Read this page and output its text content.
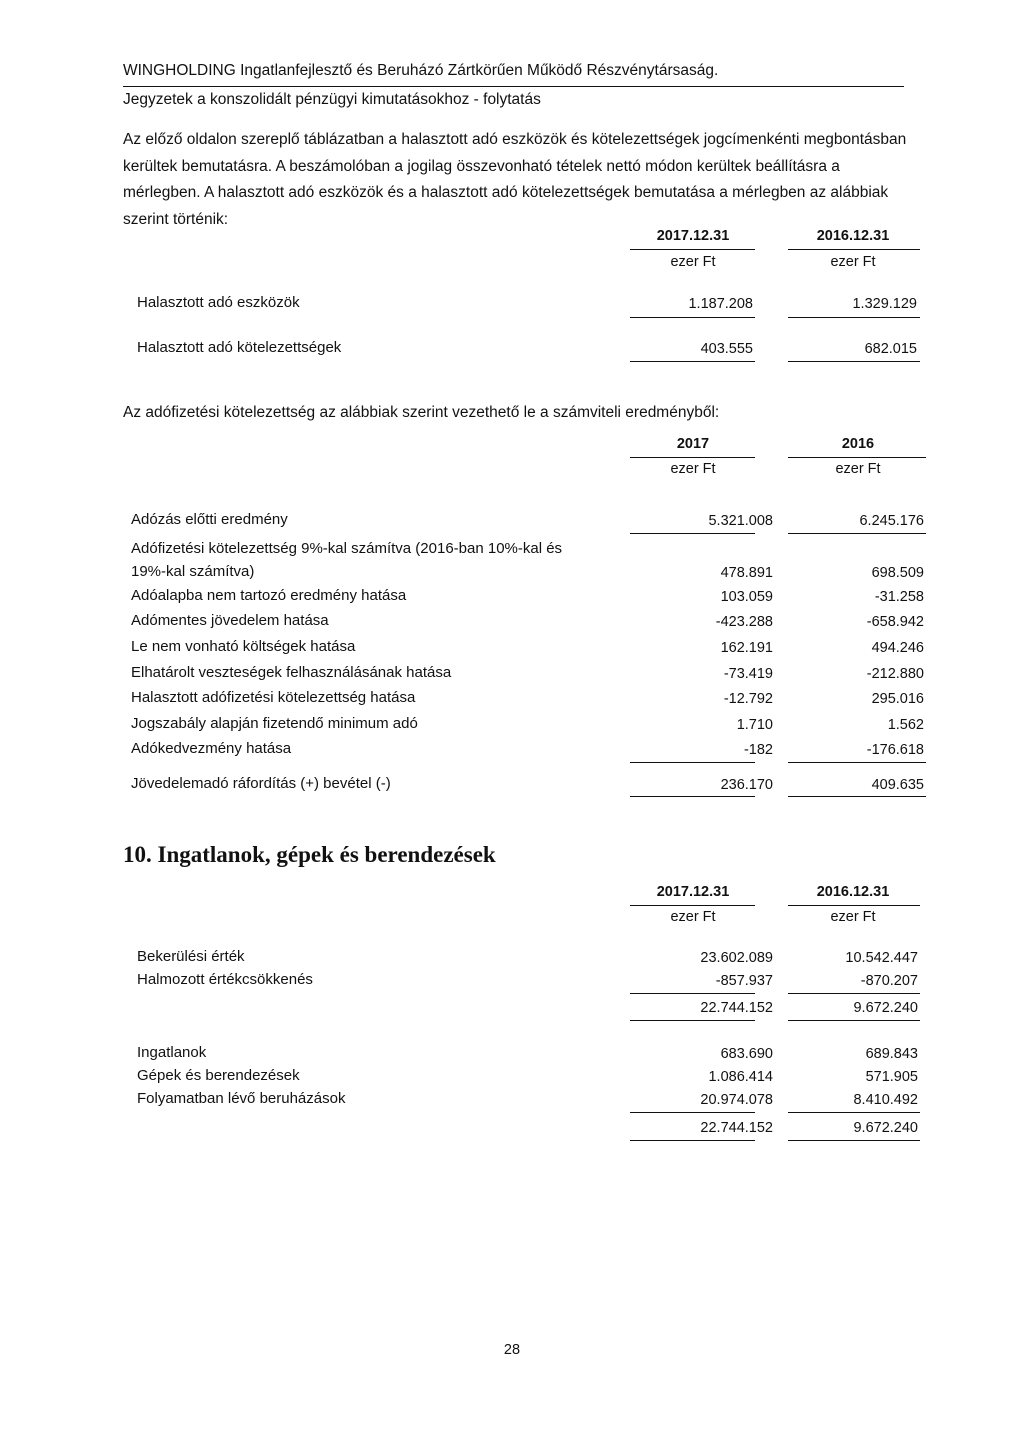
WINGHOLDING Ingatlanfejlesztő és Beruházó Zártkörűen Működő Részvénytársaság.
Jegyzetek a konszolidált pénzügyi kimutatásokhoz - folytatás
Az előző oldalon szereplő táblázatban a halasztott adó eszközök és kötelezettségek jogcímenkénti megbontásban
kerültek bemutatásra. A beszámolóban a jogilag összevonható tételek nettó módon kerültek beállításra a
mérlegben. A halasztott adó eszközök és a halasztott adó kötelezettségek bemutatása a mérlegben az alábbiak
szerint történik:
2017.12.31	2016.12.31
ezer Ft	ezer Ft
Halasztott adó eszközök	1.187.208	1.329.129
Halasztott adó kötelezettségek	403.555	682.015
Az adófizetési kötelezettség az alábbiak szerint vezethető le a számviteli eredményből:
2017	2016
ezer Ft	ezer Ft
Adózás előtti eredmény	5.321.008	6.245.176
Adófizetési kötelezettség 9%-kal számítva (2016-ban 10%-kal és
19%-kal számítva)	478.891	698.509
Adóalapba nem tartozó eredmény hatása	103.059	-31.258
Adómentes jövedelem hatása	-423.288	-658.942
Le nem vonható költségek hatása	162.191	494.246
Elhatárolt veszteségek felhasználásának hatása	-73.419	-212.880
Halasztott adófizetési kötelezettség hatása	-12.792	295.016
Jogszabály alapján fizetendő minimum adó	1.710	1.562
Adókedvezmény hatása	-182	-176.618
Jövedelemadó ráfordítás (+) bevétel (-)	236.170	409.635
10. Ingatlanok, gépek és berendezések
2017.12.31	2016.12.31
ezer Ft	ezer Ft
Bekerülési érték	23.602.089	10.542.447
Halmozott értékcsökkenés	-857.937	-870.207
22.744.152	9.672.240
Ingatlanok	683.690	689.843
Gépek és berendezések	1.086.414	571.905
Folyamatban lévő beruházások	20.974.078	8.410.492
22.744.152	9.672.240
28
